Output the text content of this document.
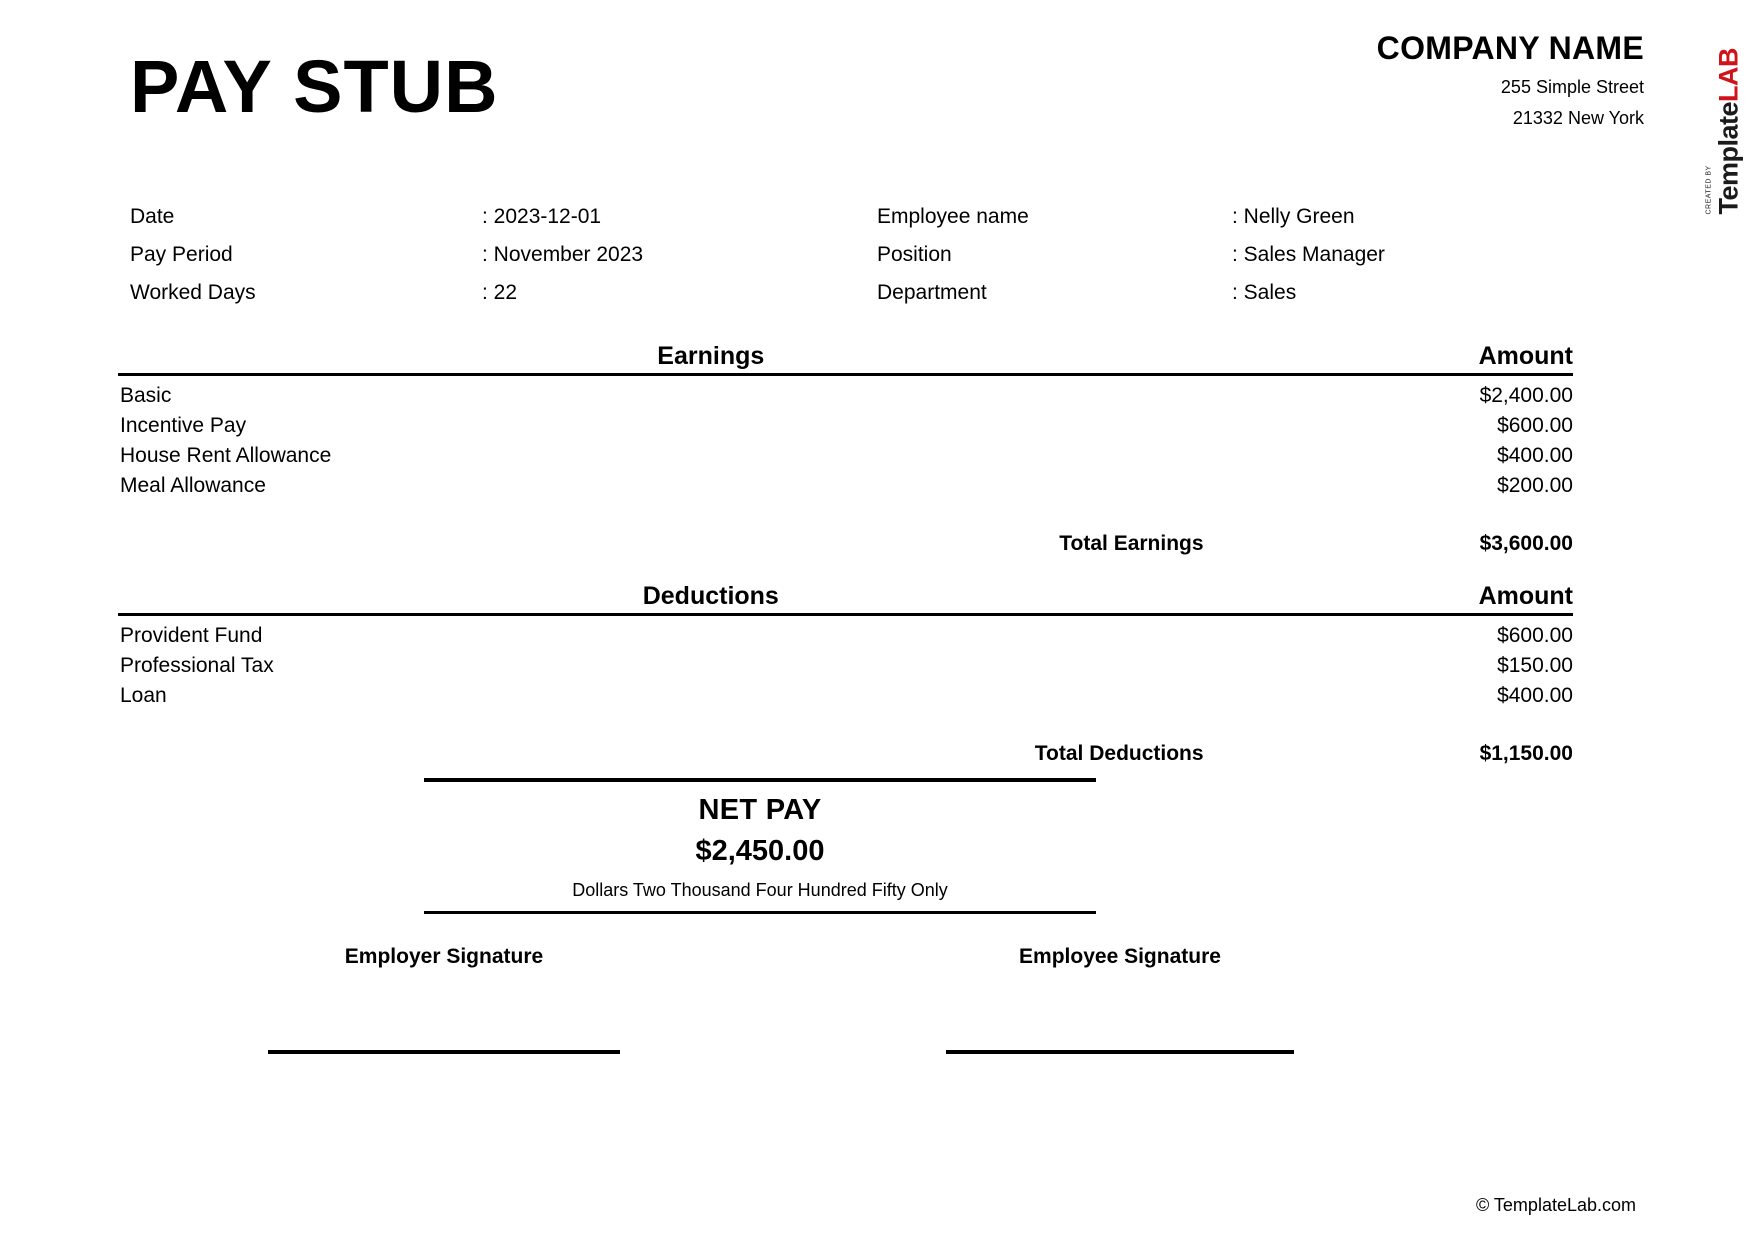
PAY STUB	COMPANY NAME
255 Simple Street
21332 New York
CREATED BY TemplateLAB
Date	: 2023-12-01	Employee name	: Nelly Green
Pay Period	: November 2023	Position	: Sales Manager
Worked Days	: 22	Department	: Sales
Earnings	Amount
Basic	$2,400.00
Incentive Pay	$600.00
House Rent Allowance	$400.00
Meal Allowance	$200.00
Total Earnings	$3,600.00
Deductions	Amount
Provident Fund	$600.00
Professional Tax	$150.00
Loan	$400.00
Total Deductions	$1,150.00
NET PAY
$2,450.00
Dollars Two Thousand Four Hundred Fifty Only
Employer Signature	Employee Signature
© TemplateLab.com
